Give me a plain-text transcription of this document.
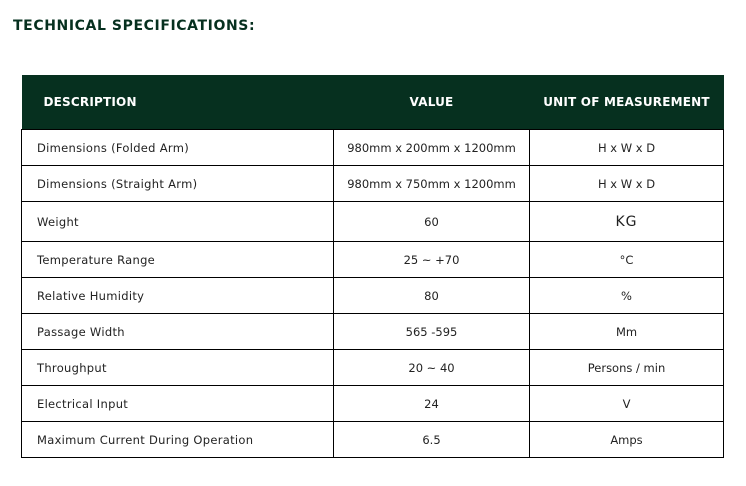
TECHNICAL SPECIFICATIONS:
DESCRIPTION	VALUE	UNIT OF MEASUREMENT
Dimensions (Folded Arm)	980mm x 200mm x 1200mm	H x W x D
Dimensions (Straight Arm)	980mm x 750mm x 1200mm	H x W x D
Weight	60	KG
Temperature Range	25 ~ +70	°C
Relative Humidity	80	%
Passage Width	565 -595	Mm
Throughput	20 ~ 40	Persons / min
Electrical Input	24	V
Maximum Current During Operation	6.5	Amps
